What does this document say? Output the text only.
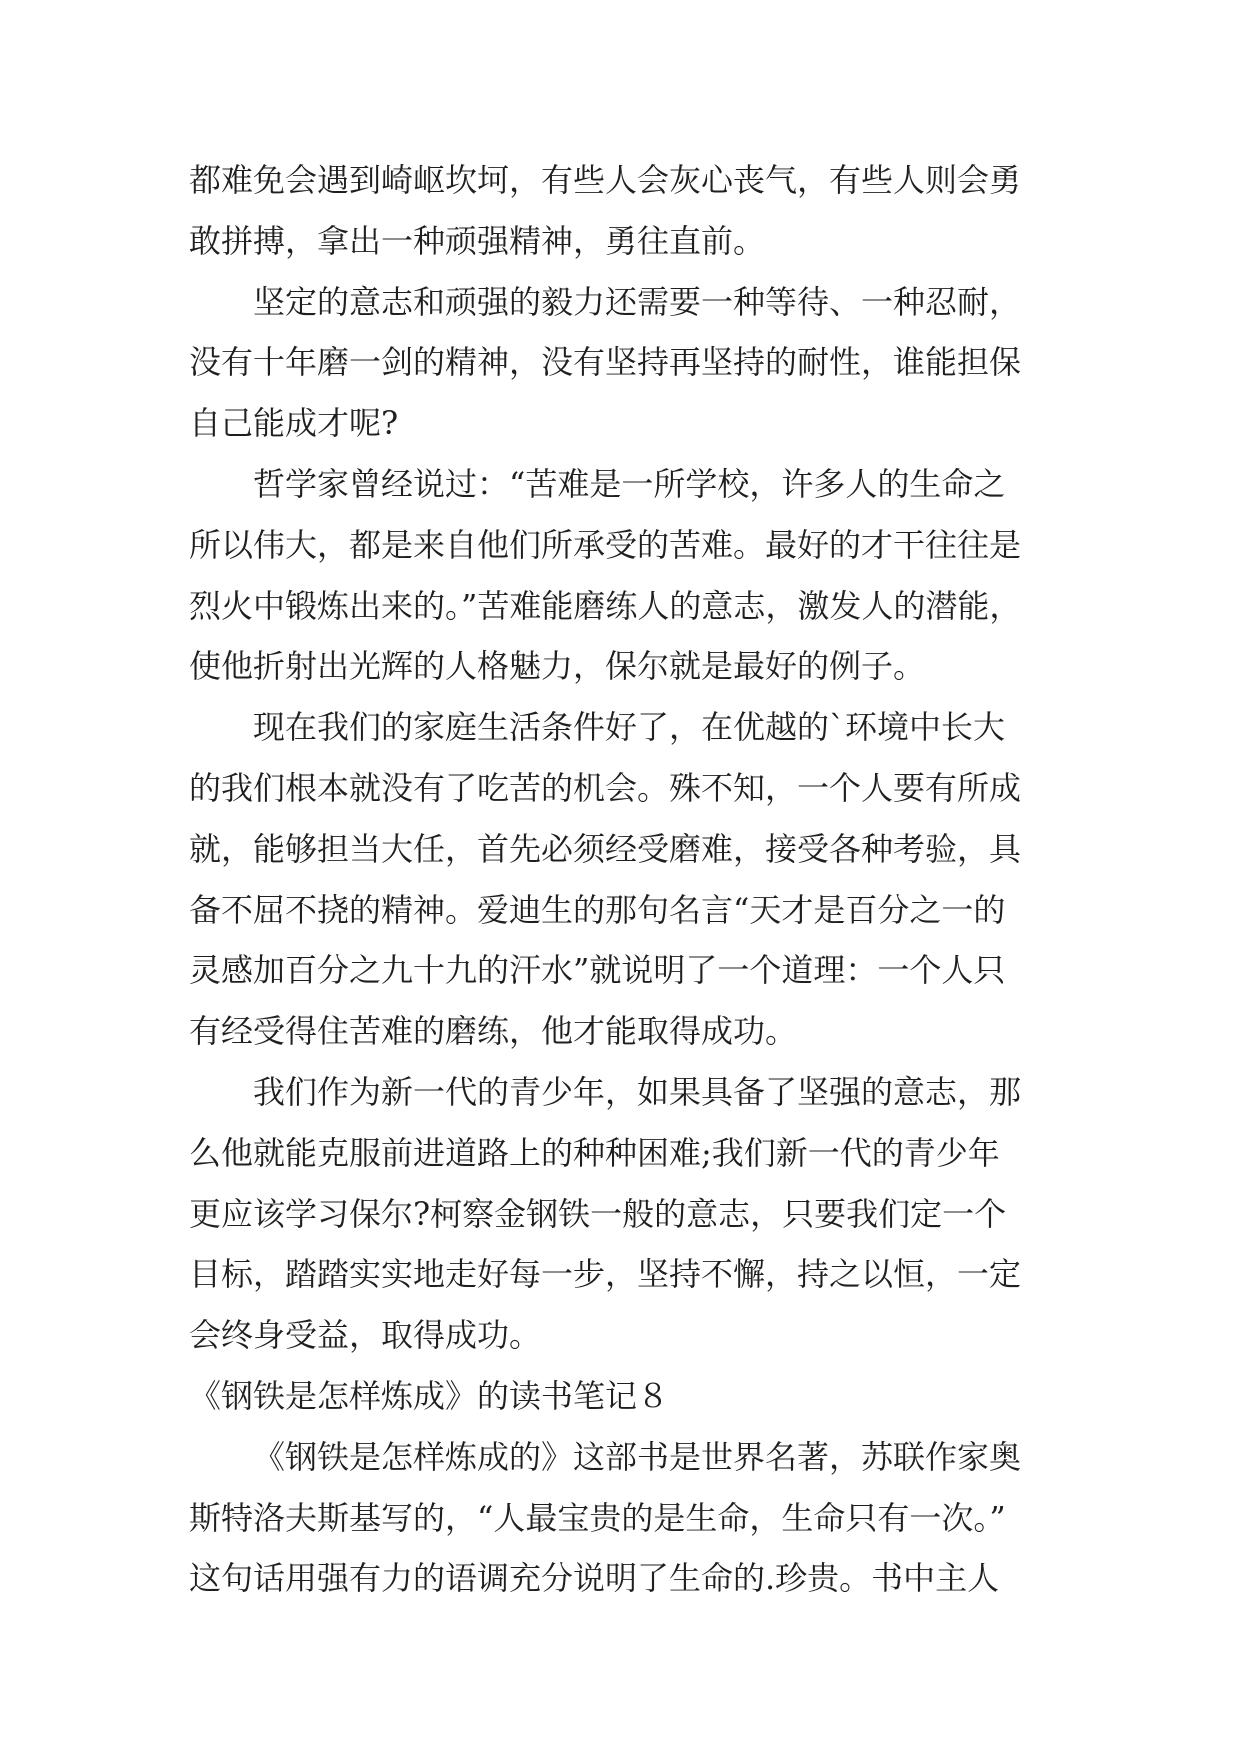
都难免会遇到崎岖坎坷，有些人会灰心丧气，有些人则会勇
敢拼搏，拿出一种顽强精神，勇往直前。
坚定的意志和顽强的毅力还需要一种等待、一种忍耐，
没有十年磨一剑的精神，没有坚持再坚持的耐性，谁能担保
自己能成才呢?
哲学家曾经说过：“苦难是一所学校，许多人的生命之
所以伟大，都是来自他们所承受的苦难。最好的才干往往是
烈火中锻炼出来的。”苦难能磨练人的意志，激发人的潜能，
使他折射出光辉的人格魅力，保尔就是最好的例子。
现在我们的家庭生活条件好了，在优越的`环境中长大
的我们根本就没有了吃苦的机会。殊不知，一个人要有所成
就，能够担当大任，首先必须经受磨难，接受各种考验，具
备不屈不挠的精神。爱迪生的那句名言“天才是百分之一的
灵感加百分之九十九的汗水”就说明了一个道理：一个人只
有经受得住苦难的磨练，他才能取得成功。
我们作为新一代的青少年，如果具备了坚强的意志，那
么他就能克服前进道路上的种种困难;我们新一代的青少年
更应该学习保尔?柯察金钢铁一般的意志，只要我们定一个
目标，踏踏实实地走好每一步，坚持不懈，持之以恒，一定
会终身受益，取得成功。
《钢铁是怎样炼成》的读书笔记８
《钢铁是怎样炼成的》这部书是世界名著，苏联作家奥
斯特洛夫斯基写的，“人最宝贵的是生命，生命只有一次。”
这句话用强有力的语调充分说明了生命的.珍贵。书中主人
